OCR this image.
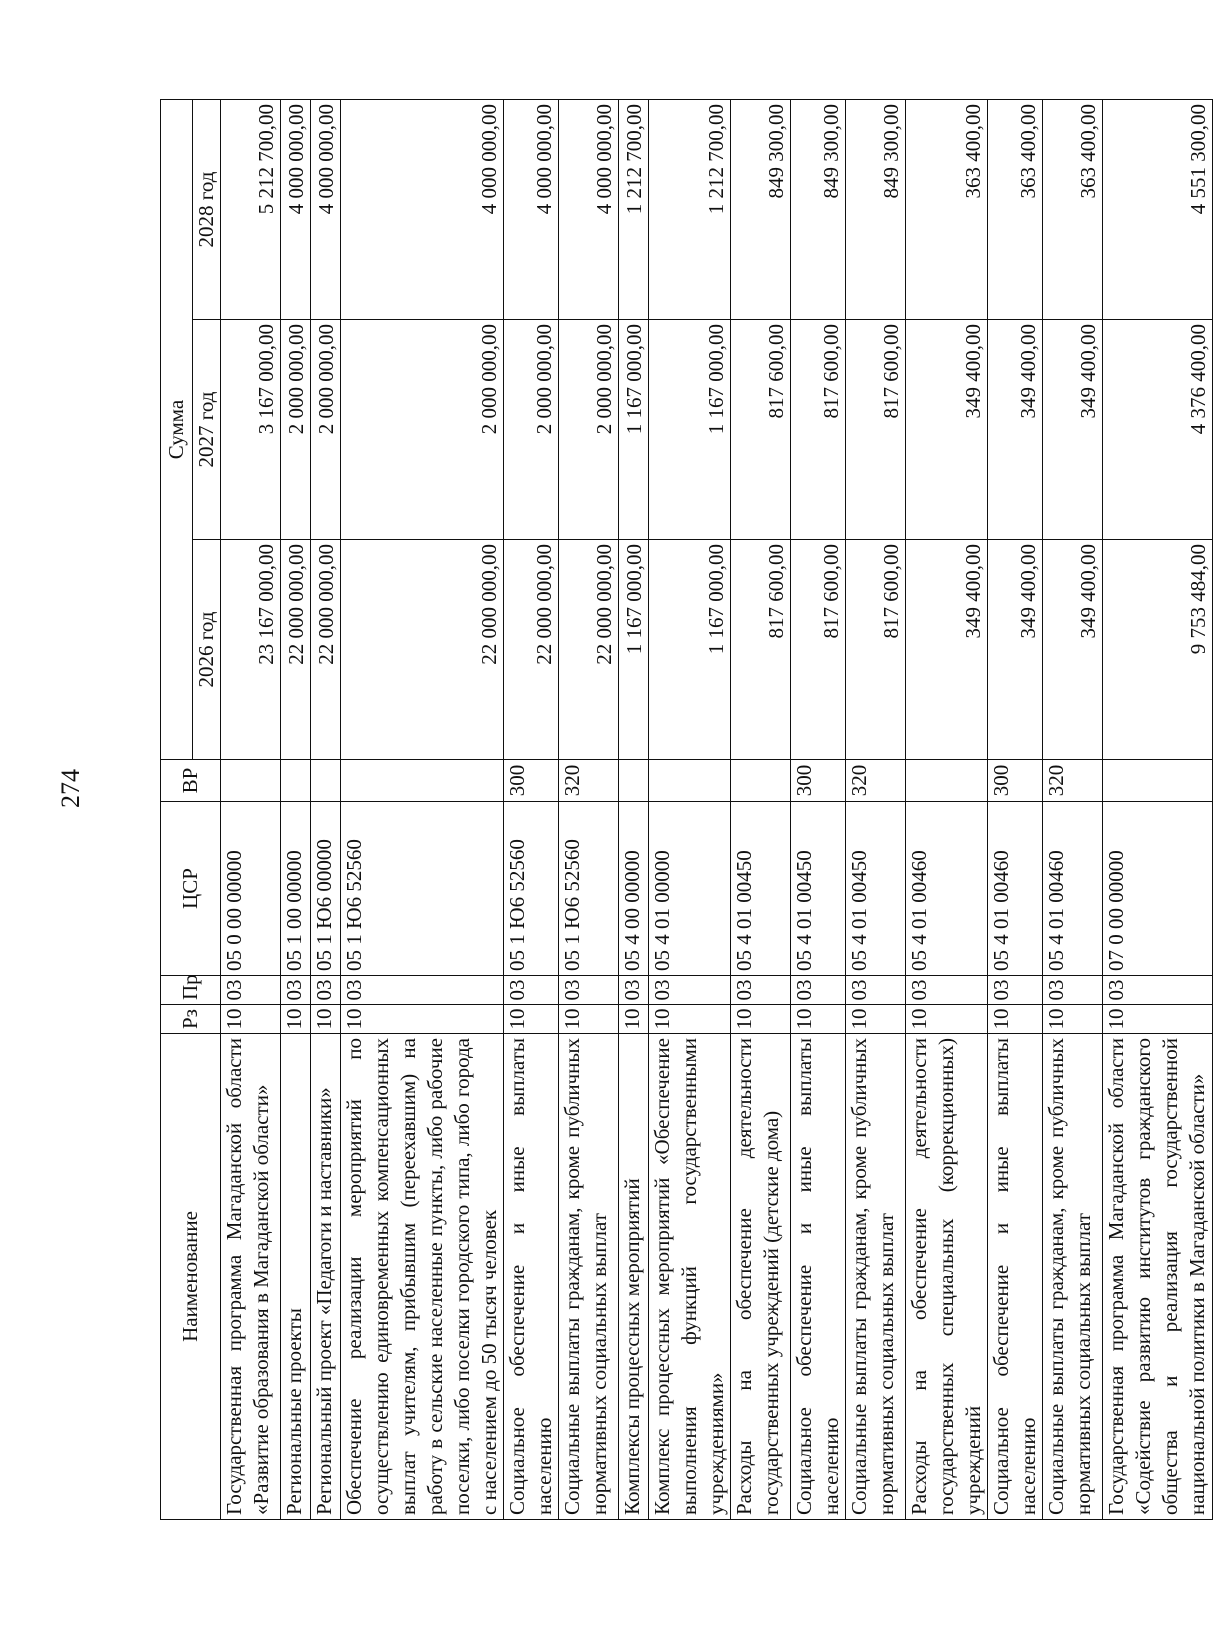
274
Наименование	Рз	Пр	ЦСР	ВР	Сумма		
					2026 год	2027 год	2028 год
Государственная программа Магаданской области «Развитие образования в Магаданской области»	10	03	05 0 00 00000		23 167 000,00	3 167 000,00	5 212 700,00
Региональные проекты	10	03	05 1 00 00000		22 000 000,00	2 000 000,00	4 000 000,00
Региональный проект «Педагоги и наставники»	10	03	05 1 Ю6 00000		22 000 000,00	2 000 000,00	4 000 000,00
Обеспечение реализации мероприятий по осуществлению единовременных компенсационных выплат учителям, прибывшим (переехавшим) на работу в сельские населенные пункты, либо рабочие поселки, либо поселки городского типа, либо города с населением до 50 тысяч человек	10	03	05 1 Ю6 52560		22 000 000,00	2 000 000,00	4 000 000,00
Социальное обеспечение и иные выплаты населению	10	03	05 1 Ю6 52560	300	22 000 000,00	2 000 000,00	4 000 000,00
Социальные выплаты гражданам, кроме публичных нормативных социальных выплат	10	03	05 1 Ю6 52560	320	22 000 000,00	2 000 000,00	4 000 000,00
Комплексы процессных мероприятий	10	03	05 4 00 00000		1 167 000,00	1 167 000,00	1 212 700,00
Комплекс процессных мероприятий «Обеспечение выполнения функций государственными учреждениями»	10	03	05 4 01 00000		1 167 000,00	1 167 000,00	1 212 700,00
Расходы на обеспечение деятельности государственных учреждений (детские дома)	10	03	05 4 01 00450		817 600,00	817 600,00	849 300,00
Социальное обеспечение и иные выплаты населению	10	03	05 4 01 00450	300	817 600,00	817 600,00	849 300,00
Социальные выплаты гражданам, кроме публичных нормативных социальных выплат	10	03	05 4 01 00450	320	817 600,00	817 600,00	849 300,00
Расходы на обеспечение деятельности государственных специальных (коррекционных) учреждений	10	03	05 4 01 00460		349 400,00	349 400,00	363 400,00
Социальное обеспечение и иные выплаты населению	10	03	05 4 01 00460	300	349 400,00	349 400,00	363 400,00
Социальные выплаты гражданам, кроме публичных нормативных социальных выплат	10	03	05 4 01 00460	320	349 400,00	349 400,00	363 400,00
Государственная программа Магаданской области «Содействие развитию институтов гражданского общества и реализация государственной национальной политики в Магаданской области»	10	03	07 0 00 00000		9 753 484,00	4 376 400,00	4 551 300,00
